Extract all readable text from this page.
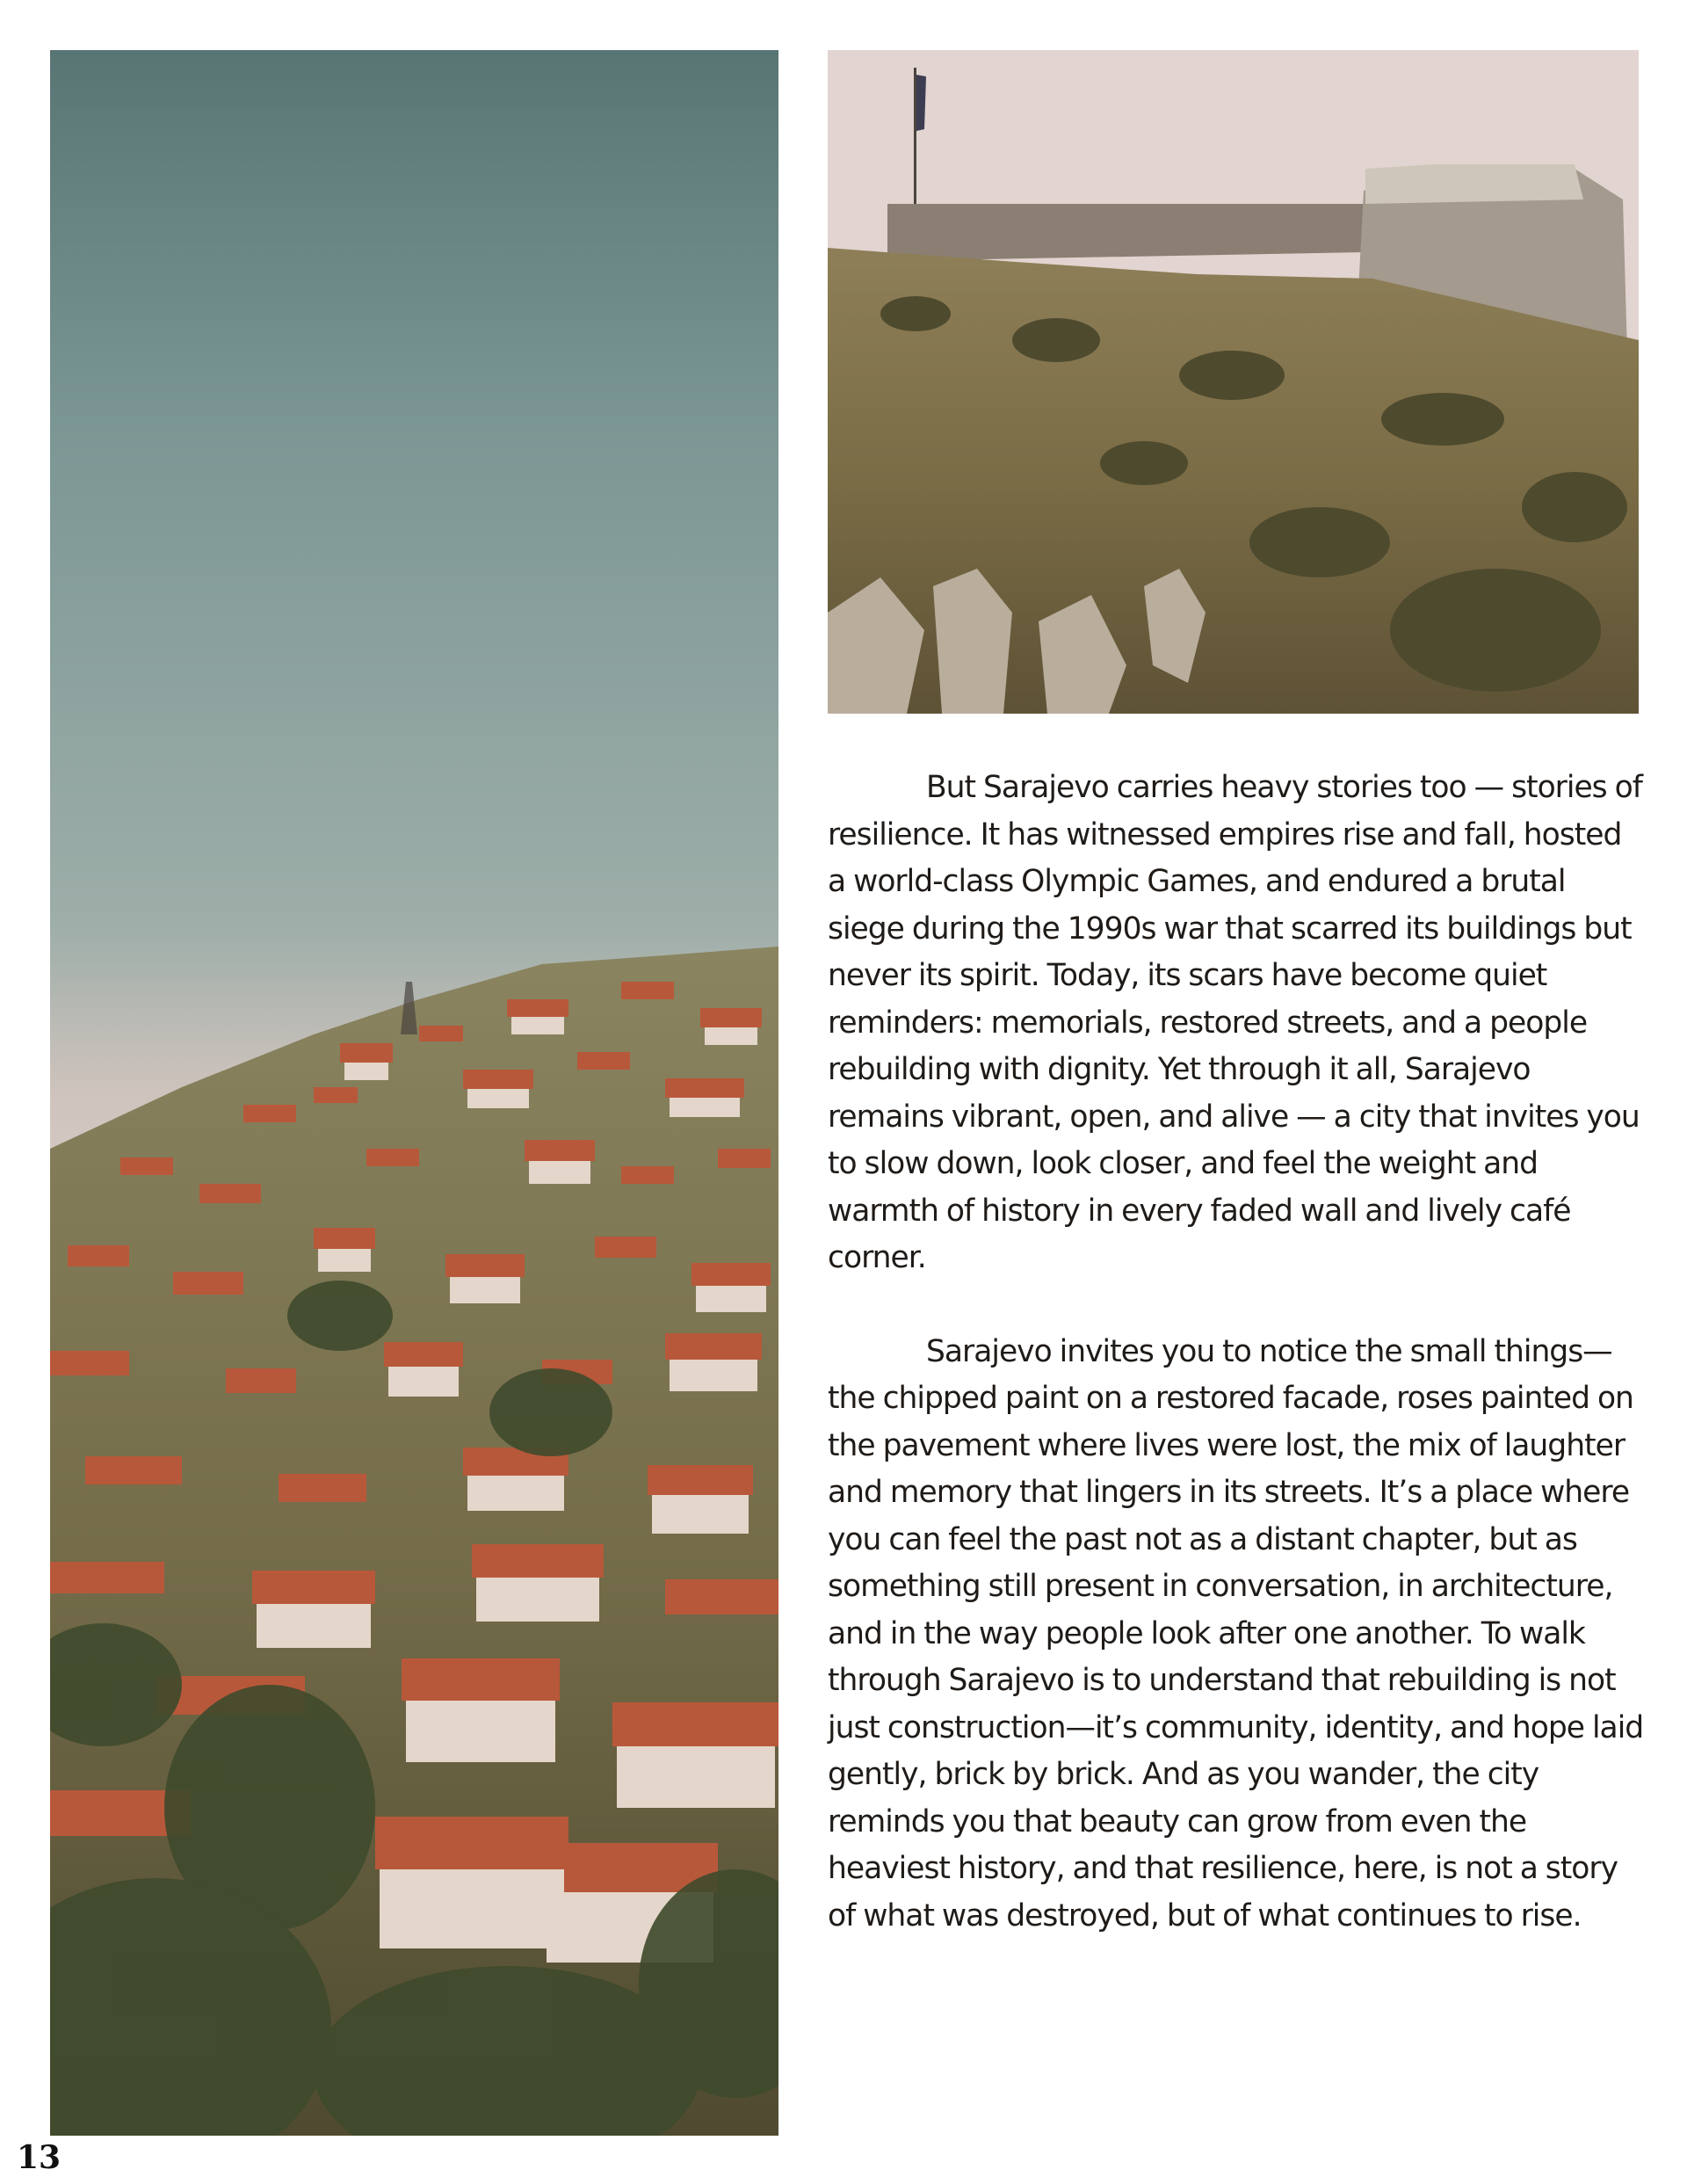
But Sarajevo carries heavy stories too — stories of resilience. It has witnessed empires rise and fall, hosted a world-class Olympic Games, and endured a brutal siege during the 1990s war that scarred its buildings but never its spirit. Today, its scars have become quiet reminders: memorials, restored streets, and a people rebuilding with dignity. Yet through it all, Sarajevo remains vibrant, open, and alive — a city that invites you to slow down, look closer, and feel the weight and warmth of history in every faded wall and lively café corner.

Sarajevo invites you to notice the small things—the chipped paint on a restored facade, roses painted on the pavement where lives were lost, the mix of laughter and memory that lingers in its streets. It’s a place where you can feel the past not as a distant chapter, but as something still present in conversation, in architecture, and in the way people look after one another. To walk through Sarajevo is to understand that rebuilding is not just construction—it’s community, identity, and hope laid gently, brick by brick. And as you wander, the city reminds you that beauty can grow from even the heaviest history, and that resilience, here, is not a story of what was destroyed, but of what continues to rise.

13
